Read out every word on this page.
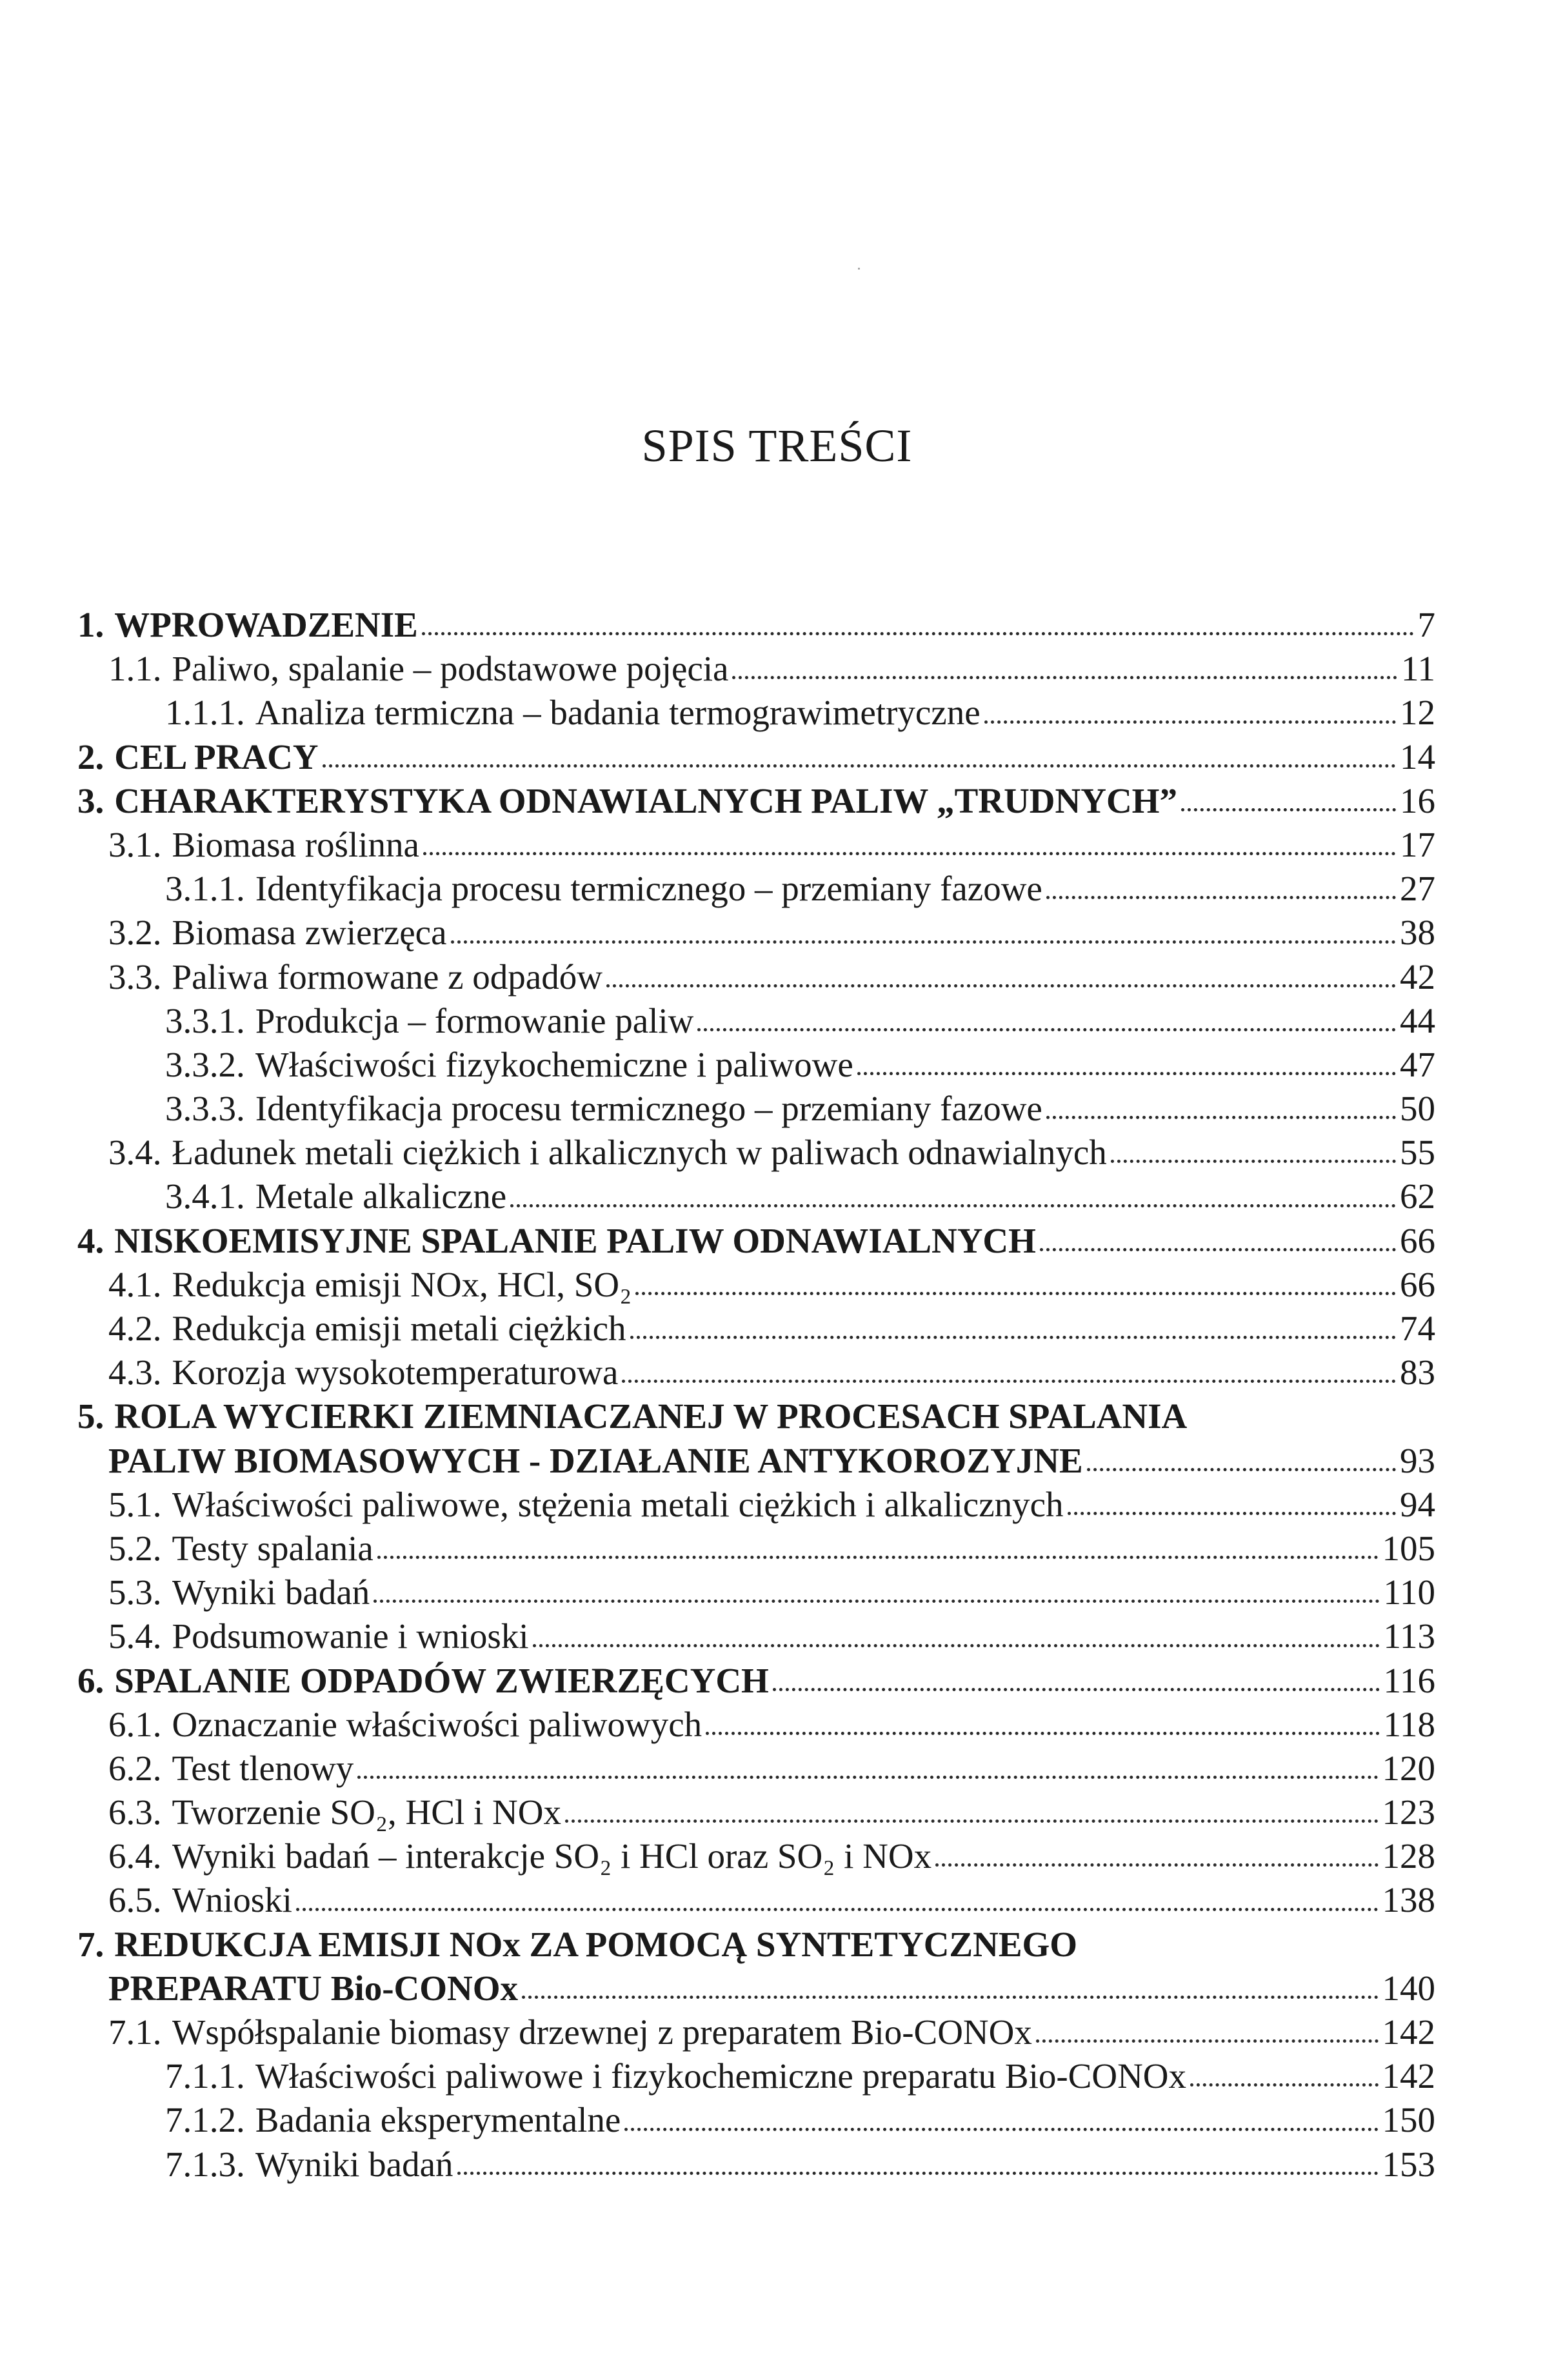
SPIS TREŚCI
1. WPROWADZENIE	7
1.1. Paliwo, spalanie – podstawowe pojęcia	11
1.1.1. Analiza termiczna – badania termograwimetryczne	12
2. CEL PRACY	14
3. CHARAKTERYSTYKA ODNAWIALNYCH PALIW „TRUDNYCH”	16
3.1. Biomasa roślinna	17
3.1.1. Identyfikacja procesu termicznego – przemiany fazowe	27
3.2. Biomasa zwierzęca	38
3.3. Paliwa formowane z odpadów	42
3.3.1. Produkcja – formowanie paliw	44
3.3.2. Właściwości fizykochemiczne i paliwowe	47
3.3.3. Identyfikacja procesu termicznego – przemiany fazowe	50
3.4. Ładunek metali ciężkich i alkalicznych w paliwach odnawialnych	55
3.4.1. Metale alkaliczne	62
4. NISKOEMISYJNE SPALANIE PALIW ODNAWIALNYCH	66
4.1. Redukcja emisji NOx, HCl, SO₂	66
4.2. Redukcja emisji metali ciężkich	74
4.3. Korozja wysokotemperaturowa	83
5. ROLA WYCIERKI ZIEMNIACZANEJ W PROCESACH SPALANIA
PALIW BIOMASOWYCH - DZIAŁANIE ANTYKOROZYJNE	93
5.1. Właściwości paliwowe, stężenia metali ciężkich i alkalicznych	94
5.2. Testy spalania	105
5.3. Wyniki badań	110
5.4. Podsumowanie i wnioski	113
6. SPALANIE ODPADÓW ZWIERZĘCYCH	116
6.1. Oznaczanie właściwości paliwowych	118
6.2. Test tlenowy	120
6.3. Tworzenie SO₂, HCl i NOx	123
6.4. Wyniki badań – interakcje SO₂ i HCl oraz SO₂ i NOx	128
6.5. Wnioski	138
7. REDUKCJA EMISJI NOx ZA POMOCĄ SYNTETYCZNEGO
PREPARATU Bio-CONOx	140
7.1. Współspalanie biomasy drzewnej z preparatem Bio-CONOx	142
7.1.1. Właściwości paliwowe i fizykochemiczne preparatu Bio-CONOx	142
7.1.2. Badania eksperymentalne	150
7.1.3. Wyniki badań	153
